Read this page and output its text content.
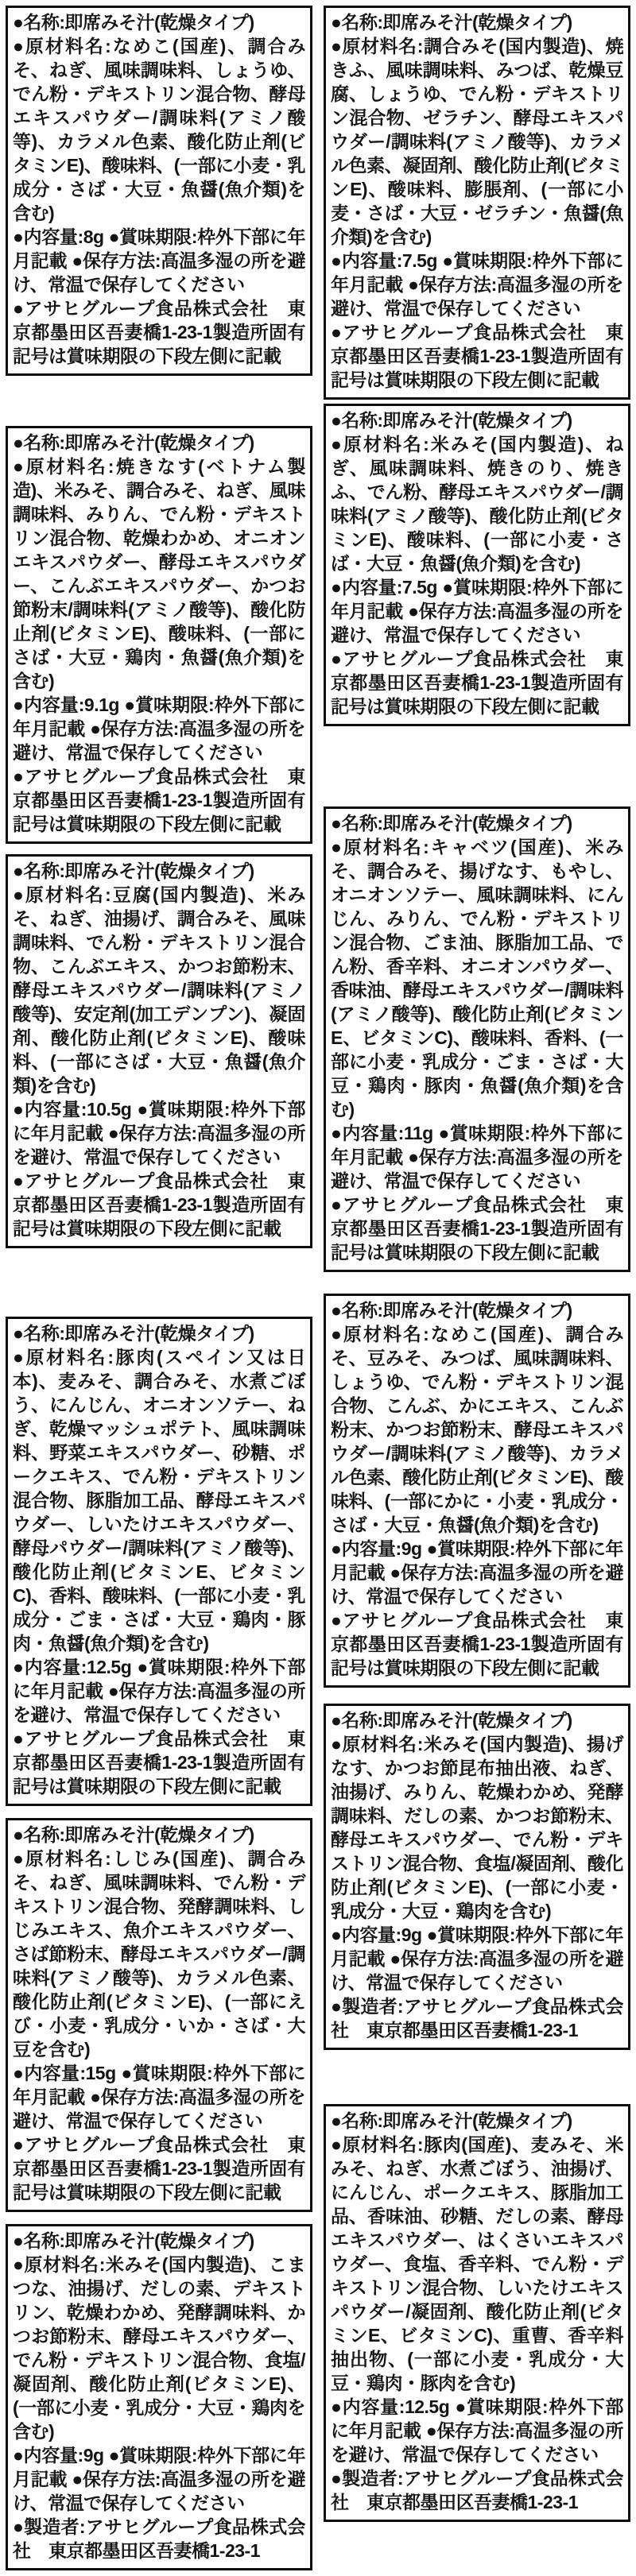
●名称:即席みそ汁(乾燥タイプ)

●原材料名:なめこ(国産)、調合みそ、ねぎ、風味調味料、しょうゆ、でん粉・デキストリン混合物、酵母エキスパウダー/調味料(アミノ酸等)、カラメル色素、酸化防止剤(ビタミンE)、酸味料、(一部に小麦・乳成分・さば・大豆・魚醤(魚介類)を含む)

●内容量:8g ●賞味期限:枠外下部に年月記載 ●保存方法:高温多湿の所を避け、常温で保存してください

●アサヒグループ食品株式会社　東京都墨田区吾妻橋1-23-1製造所固有記号は賞味期限の下段左側に記載

●名称:即席みそ汁(乾燥タイプ)

●原材料名:焼きなす(ベトナム製造)、米みそ、調合みそ、ねぎ、風味調味料、みりん、でん粉・デキストリン混合物、乾燥わかめ、オニオンエキスパウダー、酵母エキスパウダー、こんぶエキスパウダー、かつお節粉末/調味料(アミノ酸等)、酸化防止剤(ビタミンE)、酸味料、(一部にさば・大豆・鶏肉・魚醤(魚介類)を含む)

●内容量:9.1g ●賞味期限:枠外下部に年月記載 ●保存方法:高温多湿の所を避け、常温で保存してください

●アサヒグループ食品株式会社　東京都墨田区吾妻橋1-23-1製造所固有記号は賞味期限の下段左側に記載

●名称:即席みそ汁(乾燥タイプ)

●原材料名:豆腐(国内製造)、米みそ、ねぎ、油揚げ、調合みそ、風味調味料、でん粉・デキストリン混合物、こんぶエキス、かつお節粉末、酵母エキスパウダー/調味料(アミノ酸等)、安定剤(加工デンプン)、凝固剤、酸化防止剤(ビタミンE)、酸味料、(一部にさば・大豆・魚醤(魚介類)を含む)

●内容量:10.5g ●賞味期限:枠外下部に年月記載 ●保存方法:高温多湿の所を避け、常温で保存してください

●アサヒグループ食品株式会社　東京都墨田区吾妻橋1-23-1製造所固有記号は賞味期限の下段左側に記載

●名称:即席みそ汁(乾燥タイプ)

●原材料名:豚肉(スペイン又は日本)、麦みそ、調合みそ、水煮ごぼう、にんじん、オニオンソテー、ねぎ、乾燥マッシュポテト、風味調味料、野菜エキスパウダー、砂糖、ポークエキス、でん粉・デキストリン混合物、豚脂加工品、酵母エキスパウダー、しいたけエキスパウダー、酵母パウダー/調味料(アミノ酸等)、酸化防止剤(ビタミンE、ビタミンC)、香料、酸味料、(一部に小麦・乳成分・ごま・さば・大豆・鶏肉・豚肉・魚醤(魚介類)を含む)

●内容量:12.5g ●賞味期限:枠外下部に年月記載 ●保存方法:高温多湿の所を避け、常温で保存してください

●アサヒグループ食品株式会社　東京都墨田区吾妻橋1-23-1製造所固有記号は賞味期限の下段左側に記載

●名称:即席みそ汁(乾燥タイプ)

●原材料名:しじみ(国産)、調合みそ、ねぎ、風味調味料、でん粉・デキストリン混合物、発酵調味料、しじみエキス、魚介エキスパウダー、さば節粉末、酵母エキスパウダー/調味料(アミノ酸等)、カラメル色素、酸化防止剤(ビタミンE)、(一部にえび・小麦・乳成分・いか・さば・大豆を含む)

●内容量:15g ●賞味期限:枠外下部に年月記載 ●保存方法:高温多湿の所を避け、常温で保存してください

●アサヒグループ食品株式会社　東京都墨田区吾妻橋1-23-1製造所固有記号は賞味期限の下段左側に記載

●名称:即席みそ汁(乾燥タイプ)

●原材料名:米みそ(国内製造)、こまつな、油揚げ、だしの素、デキストリン、乾燥わかめ、発酵調味料、かつお節粉末、酵母エキスパウダー、でん粉・デキストリン混合物、食塩/凝固剤、酸化防止剤(ビタミンE)、(一部に小麦・乳成分・大豆・鶏肉を含む)

●内容量:9g ●賞味期限:枠外下部に年月記載 ●保存方法:高温多湿の所を避け、常温で保存してください

●製造者:アサヒグループ食品株式会社　東京都墨田区吾妻橋1-23-1

●名称:即席みそ汁(乾燥タイプ)

●原材料名:調合みそ(国内製造)、焼きふ、風味調味料、みつば、乾燥豆腐、しょうゆ、でん粉・デキストリン混合物、ゼラチン、酵母エキスパウダー/調味料(アミノ酸等)、カラメル色素、凝固剤、酸化防止剤(ビタミンE)、酸味料、膨脹剤、(一部に小麦・さば・大豆・ゼラチン・魚醤(魚介類)を含む)

●内容量:7.5g ●賞味期限:枠外下部に年月記載 ●保存方法:高温多湿の所を避け、常温で保存してください

●アサヒグループ食品株式会社　東京都墨田区吾妻橋1-23-1製造所固有記号は賞味期限の下段左側に記載

●名称:即席みそ汁(乾燥タイプ)

●原材料名:米みそ(国内製造)、ねぎ、風味調味料、焼きのり、焼きふ、でん粉、酵母エキスパウダー/調味料(アミノ酸等)、酸化防止剤(ビタミンE)、酸味料、(一部に小麦・さば・大豆・魚醤(魚介類)を含む)

●内容量:7.5g ●賞味期限:枠外下部に年月記載 ●保存方法:高温多湿の所を避け、常温で保存してください

●アサヒグループ食品株式会社　東京都墨田区吾妻橋1-23-1製造所固有記号は賞味期限の下段左側に記載

●名称:即席みそ汁(乾燥タイプ)

●原材料名:キャベツ(国産)、米みそ、調合みそ、揚げなす、もやし、オニオンソテー、風味調味料、にんじん、みりん、でん粉・デキストリン混合物、ごま油、豚脂加工品、でん粉、香辛料、オニオンパウダー、香味油、酵母エキスパウダー/調味料(アミノ酸等)、酸化防止剤(ビタミンE、ビタミンC)、酸味料、香料、(一部に小麦・乳成分・ごま・さば・大豆・鶏肉・豚肉・魚醤(魚介類)を含む)

●内容量:11g ●賞味期限:枠外下部に年月記載 ●保存方法:高温多湿の所を避け、常温で保存してください

●アサヒグループ食品株式会社　東京都墨田区吾妻橋1-23-1製造所固有記号は賞味期限の下段左側に記載

●名称:即席みそ汁(乾燥タイプ)

●原材料名:なめこ(国産)、調合みそ、豆みそ、みつば、風味調味料、しょうゆ、でん粉・デキストリン混合物、こんぶ、かにエキス、こんぶ粉末、かつお節粉末、酵母エキスパウダー/調味料(アミノ酸等)、カラメル色素、酸化防止剤(ビタミンE)、酸味料、(一部にかに・小麦・乳成分・さば・大豆・魚醤(魚介類)を含む)

●内容量:9g ●賞味期限:枠外下部に年月記載 ●保存方法:高温多湿の所を避け、常温で保存してください

●アサヒグループ食品株式会社　東京都墨田区吾妻橋1-23-1製造所固有記号は賞味期限の下段左側に記載

●名称:即席みそ汁(乾燥タイプ)

●原材料名:米みそ(国内製造)、揚げなす、かつお節昆布抽出液、ねぎ、油揚げ、みりん、乾燥わかめ、発酵調味料、だしの素、かつお節粉末、酵母エキスパウダー、でん粉・デキストリン混合物、食塩/凝固剤、酸化防止剤(ビタミンE)、(一部に小麦・乳成分・大豆・鶏肉を含む)

●内容量:9g ●賞味期限:枠外下部に年月記載 ●保存方法:高温多湿の所を避け、常温で保存してください

●製造者:アサヒグループ食品株式会社　東京都墨田区吾妻橋1-23-1

●名称:即席みそ汁(乾燥タイプ)

●原材料名:豚肉(国産)、麦みそ、米みそ、ねぎ、水煮ごぼう、油揚げ、にんじん、ポークエキス、豚脂加工品、香味油、砂糖、だしの素、酵母エキスパウダー、はくさいエキスパウダー、食塩、香辛料、でん粉・デキストリン混合物、しいたけエキスパウダー/凝固剤、酸化防止剤(ビタミンE、ビタミンC)、重曹、香辛料抽出物、(一部に小麦・乳成分・大豆・鶏肉・豚肉を含む)

●内容量:12.5g ●賞味期限:枠外下部に年月記載 ●保存方法:高温多湿の所を避け、常温で保存してください

●製造者:アサヒグループ食品株式会社　東京都墨田区吾妻橋1-23-1
